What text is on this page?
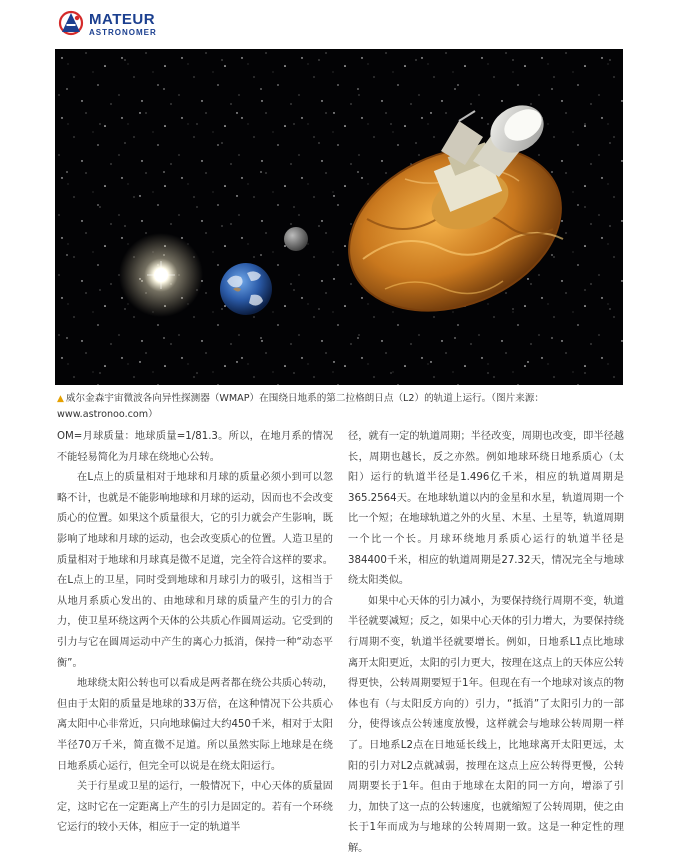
MATEUR
ASTRONOMER
▲ 威尔金森宇宙微波各向异性探测器（WMAP）在围绕日地系的第二拉格朗日点（L2）的轨道上运行。（图片来源：www.astronoo.com）

OM=月球质量：地球质量=1/81.3。所以，在地月系的情况不能轻易简化为月球在绕地心公转。

在L点上的质量相对于地球和月球的质量必须小到可以忽略不计，也就是不能影响地球和月球的运动，因而也不会改变质心的位置。如果这个质量很大，它的引力就会产生影响，既影响了地球和月球的运动，也会改变质心的位置。人造卫星的质量相对于地球和月球真是微不足道，完全符合这样的要求。在L点上的卫星，同时受到地球和月球引力的吸引，这相当于从地月系质心发出的、由地球和月球的质量产生的引力的合力，使卫星环绕这两个天体的公共质心作圆周运动。它受到的引力与它在圆周运动中产生的离心力抵消，保持一种“动态平衡”。

地球绕太阳公转也可以看成是两者都在绕公共质心转动，但由于太阳的质量是地球的33万倍，在这种情况下公共质心离太阳中心非常近，只向地球偏过大约450千米，相对于太阳半径70万千米，简直微不足道。所以虽然实际上地球是在绕日地系质心运行，但完全可以说是在绕太阳运行。

关于行星或卫星的运行，一般情况下，中心天体的质量固定，这时它在一定距离上产生的引力是固定的。若有一个环绕它运行的较小天体，相应于一定的轨道半

径，就有一定的轨道周期；半径改变，周期也改变，即半径越长，周期也越长，反之亦然。例如地球环绕日地系质心（太阳）运行的轨道半径是1.496亿千米，相应的轨道周期是365.2564天。在地球轨道以内的金星和水星，轨道周期一个比一个短；在地球轨道之外的火星、木星、土星等，轨道周期一个比一个长。月球环绕地月系质心运行的轨道半径是384400千米，相应的轨道周期是27.32天，情况完全与地球绕太阳类似。

如果中心天体的引力减小，为要保持绕行周期不变，轨道半径就要减短；反之，如果中心天体的引力增大，为要保持绕行周期不变，轨道半径就要增长。例如，日地系L1点比地球离开太阳更近，太阳的引力更大，按理在这点上的天体应公转得更快，公转周期要短于1年。但现在有一个地球对该点的物体也有（与太阳反方向的）引力，“抵消”了太阳引力的一部分，使得该点公转速度放慢，这样就会与地球公转周期一样了。日地系L2点在日地延长线上，比地球离开太阳更远，太阳的引力对L2点就减弱，按理在这点上应公转得更慢，公转周期要长于1年。但由于地球在太阳的同一方向，增添了引力，加快了这一点的公转速度，也就缩短了公转周期，使之由长于1年而成为与地球的公转周期一致。这是一种定性的理解。
